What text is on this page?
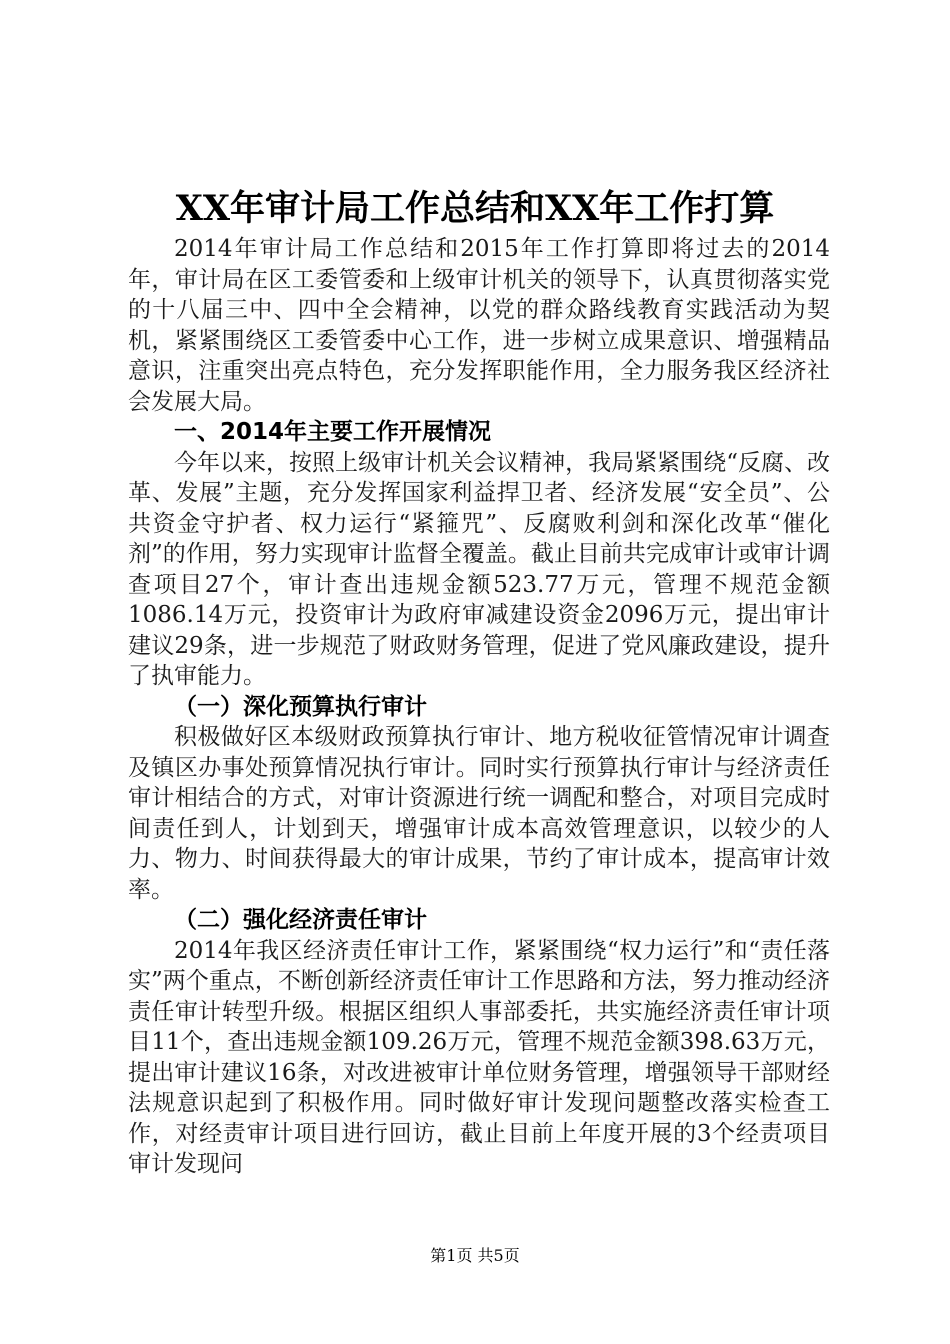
XX年审计局工作总结和XX年工作打算

2014年审计局工作总结和2015年工作打算即将过去的2014年，审计局在区工委管委和上级审计机关的领导下，认真贯彻落实党的十八届三中、四中全会精神，以党的群众路线教育实践活动为契机，紧紧围绕区工委管委中心工作，进一步树立成果意识、增强精品意识，注重突出亮点特色，充分发挥职能作用，全力服务我区经济社会发展大局。

一、2014年主要工作开展情况

今年以来，按照上级审计机关会议精神，我局紧紧围绕“反腐、改革、发展”主题，充分发挥国家利益捍卫者、经济发展“安全员”、公共资金守护者、权力运行“紧箍咒”、反腐败利剑和深化改革“催化剂”的作用，努力实现审计监督全覆盖。截止目前共完成审计或审计调查项目27个，审计查出违规金额523.77万元，管理不规范金额1086.14万元，投资审计为政府审减建设资金2096万元，提出审计建议29条，进一步规范了财政财务管理，促进了党风廉政建设，提升了执审能力。

（一）深化预算执行审计

积极做好区本级财政预算执行审计、地方税收征管情况审计调查及镇区办事处预算情况执行审计。同时实行预算执行审计与经济责任审计相结合的方式，对审计资源进行统一调配和整合，对项目完成时间责任到人，计划到天，增强审计成本高效管理意识，以较少的人力、物力、时间获得最大的审计成果，节约了审计成本，提高审计效率。

（二）强化经济责任审计

2014年我区经济责任审计工作，紧紧围绕“权力运行”和“责任落实”两个重点，不断创新经济责任审计工作思路和方法，努力推动经济责任审计转型升级。根据区组织人事部委托，共实施经济责任审计项目11个，查出违规金额109.26万元，管理不规范金额398.63万元，提出审计建议16条，对改进被审计单位财务管理，增强领导干部财经法规意识起到了积极作用。同时做好审计发现问题整改落实检查工作，对经责审计项目进行回访，截止目前上年度开展的3个经责项目审计发现问

第1页 共5页
